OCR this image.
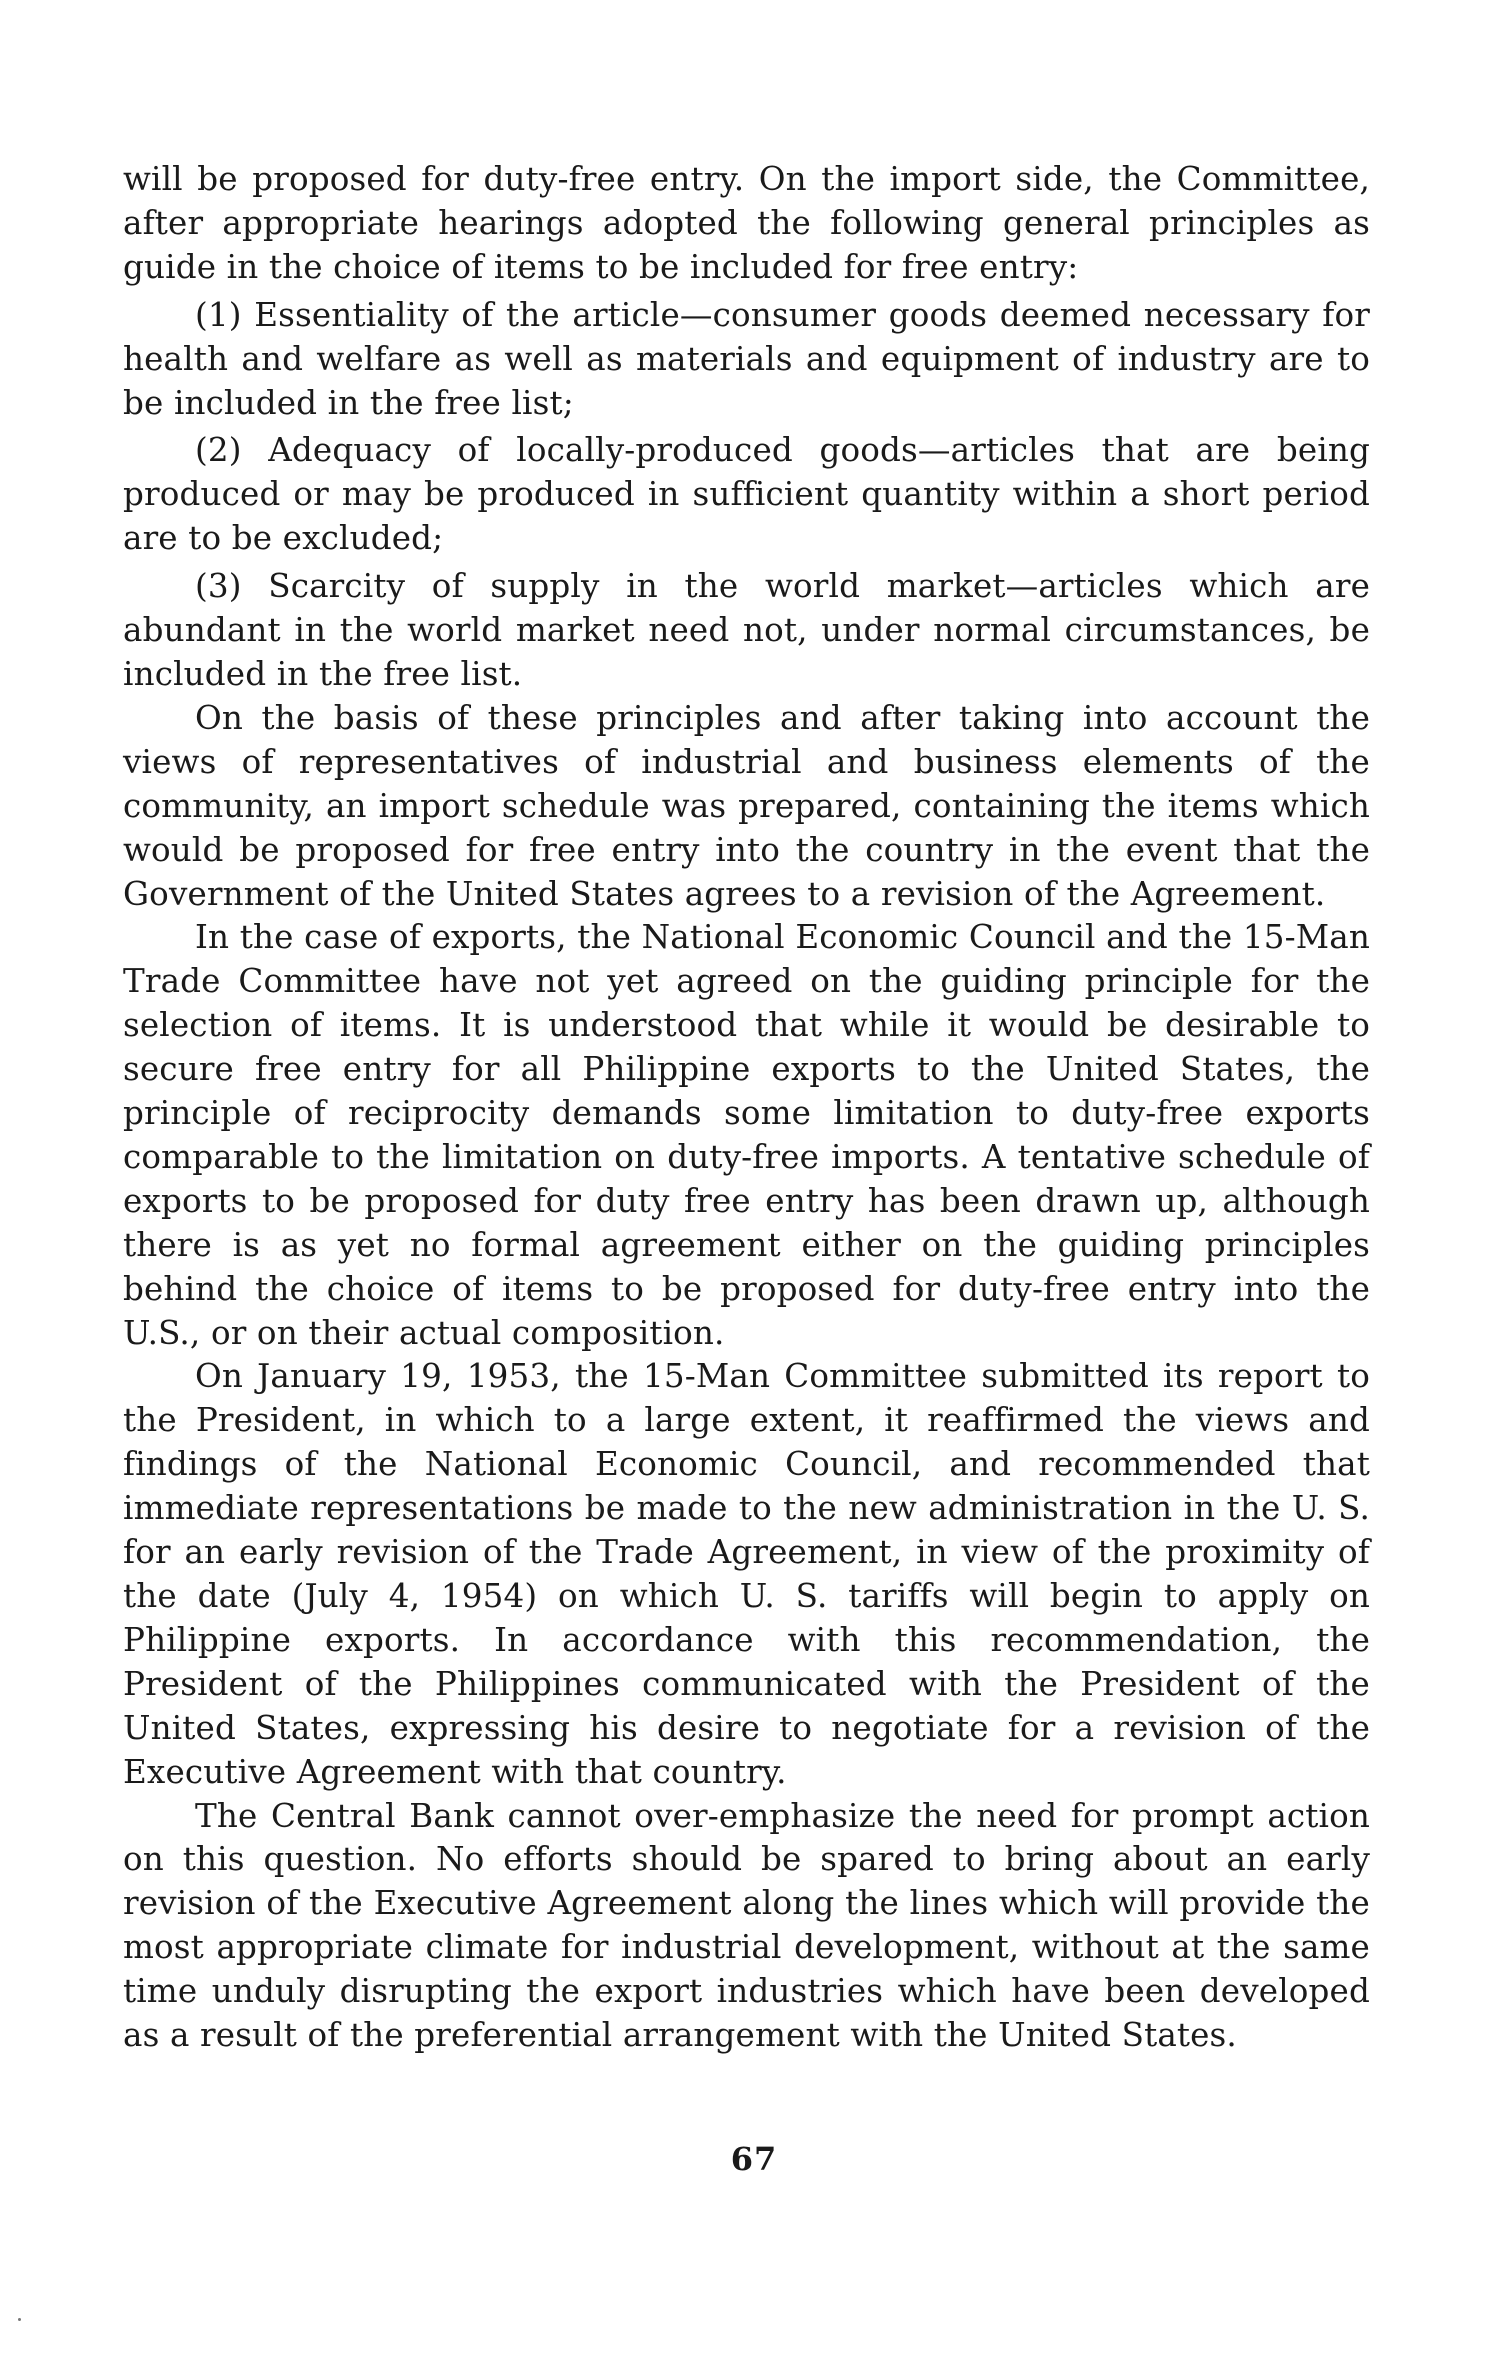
will be proposed for duty-free entry. On the import side, the Committee, after appropriate hearings adopted the following general principles as guide in the choice of items to be included for free entry:

(1) Essentiality of the article—consumer goods deemed necessary for health and welfare as well as materials and equipment of industry are to be included in the free list;

(2) Adequacy of locally-produced goods—articles that are being produced or may be produced in sufficient quantity within a short period are to be excluded;

(3) Scarcity of supply in the world market—articles which are abundant in the world market need not, under normal circumstances, be included in the free list.

On the basis of these principles and after taking into account the views of representatives of industrial and business elements of the community, an import schedule was prepared, containing the items which would be proposed for free entry into the country in the event that the Government of the United States agrees to a revision of the Agreement.

In the case of exports, the National Economic Council and the 15-Man Trade Committee have not yet agreed on the guiding principle for the selection of items. It is understood that while it would be desirable to secure free entry for all Philippine exports to the United States, the principle of reciprocity demands some limitation to duty-free exports comparable to the limitation on duty-free imports. A tentative schedule of exports to be proposed for duty free entry has been drawn up, although there is as yet no formal agreement either on the guiding principles behind the choice of items to be proposed for duty-free entry into the U.S., or on their actual composition.

On January 19, 1953, the 15-Man Committee submitted its report to the President, in which to a large extent, it reaffirmed the views and findings of the National Economic Council, and recommended that immediate representations be made to the new administration in the U. S. for an early revision of the Trade Agreement, in view of the proximity of the date (July 4, 1954) on which U. S. tariffs will begin to apply on Philippine exports. In accordance with this recommendation, the President of the Philippines communicated with the President of the United States, expressing his desire to negotiate for a revision of the Executive Agreement with that country.

The Central Bank cannot over-emphasize the need for prompt action on this question. No efforts should be spared to bring about an early revision of the Executive Agreement along the lines which will provide the most appropriate climate for industrial development, without at the same time unduly disrupting the export industries which have been developed as a result of the preferential arrangement with the United States.

67
